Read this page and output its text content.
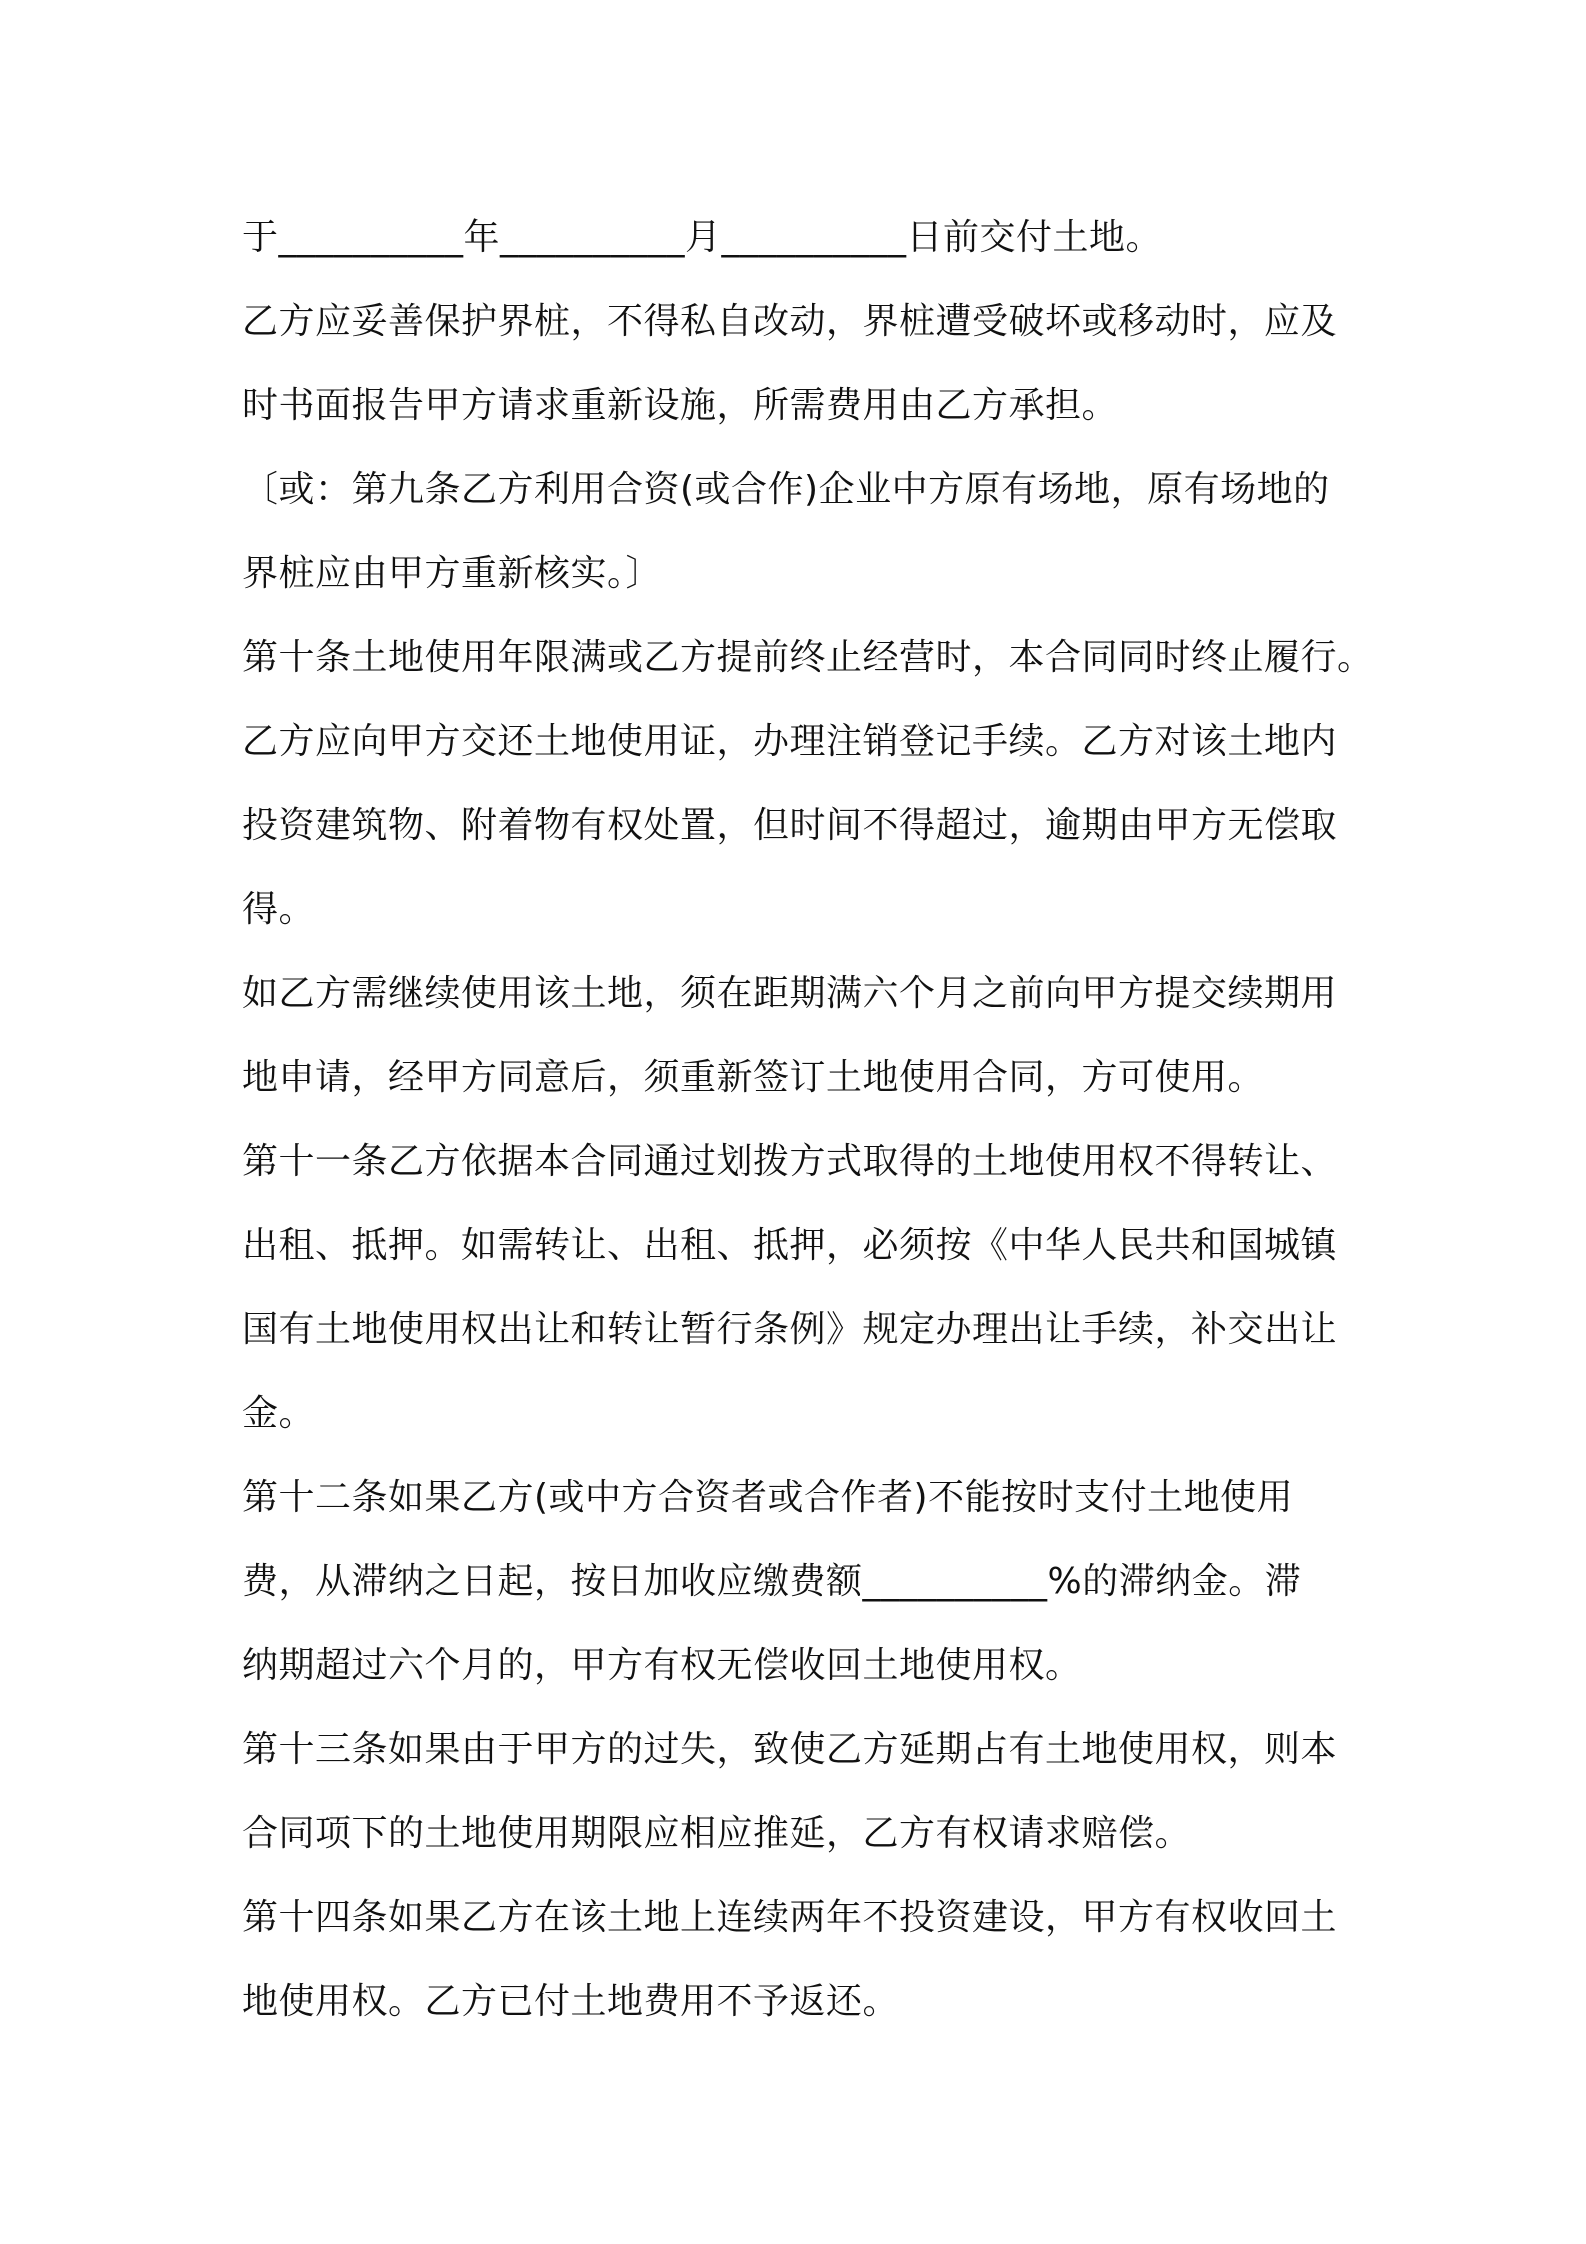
于__________年__________月__________日前交付土地。
乙方应妥善保护界桩，不得私自改动，界桩遭受破坏或移动时，应及
时书面报告甲方请求重新设施，所需费用由乙方承担。
〔或：第九条乙方利用合资(或合作)企业中方原有场地，原有场地的
界桩应由甲方重新核实。〕
第十条土地使用年限满或乙方提前终止经营时，本合同同时终止履行。
乙方应向甲方交还土地使用证，办理注销登记手续。乙方对该土地内
投资建筑物、附着物有权处置，但时间不得超过，逾期由甲方无偿取
得。
如乙方需继续使用该土地，须在距期满六个月之前向甲方提交续期用
地申请，经甲方同意后，须重新签订土地使用合同，方可使用。
第十一条乙方依据本合同通过划拨方式取得的土地使用权不得转让、
出租、抵押。如需转让、出租、抵押，必须按《中华人民共和国城镇
国有土地使用权出让和转让暂行条例》规定办理出让手续，补交出让
金。
第十二条如果乙方(或中方合资者或合作者)不能按时支付土地使用
费，从滞纳之日起，按日加收应缴费额__________%的滞纳金。滞
纳期超过六个月的，甲方有权无偿收回土地使用权。
第十三条如果由于甲方的过失，致使乙方延期占有土地使用权，则本
合同项下的土地使用期限应相应推延，乙方有权请求赔偿。
第十四条如果乙方在该土地上连续两年不投资建设，甲方有权收回土
地使用权。乙方已付土地费用不予返还。
